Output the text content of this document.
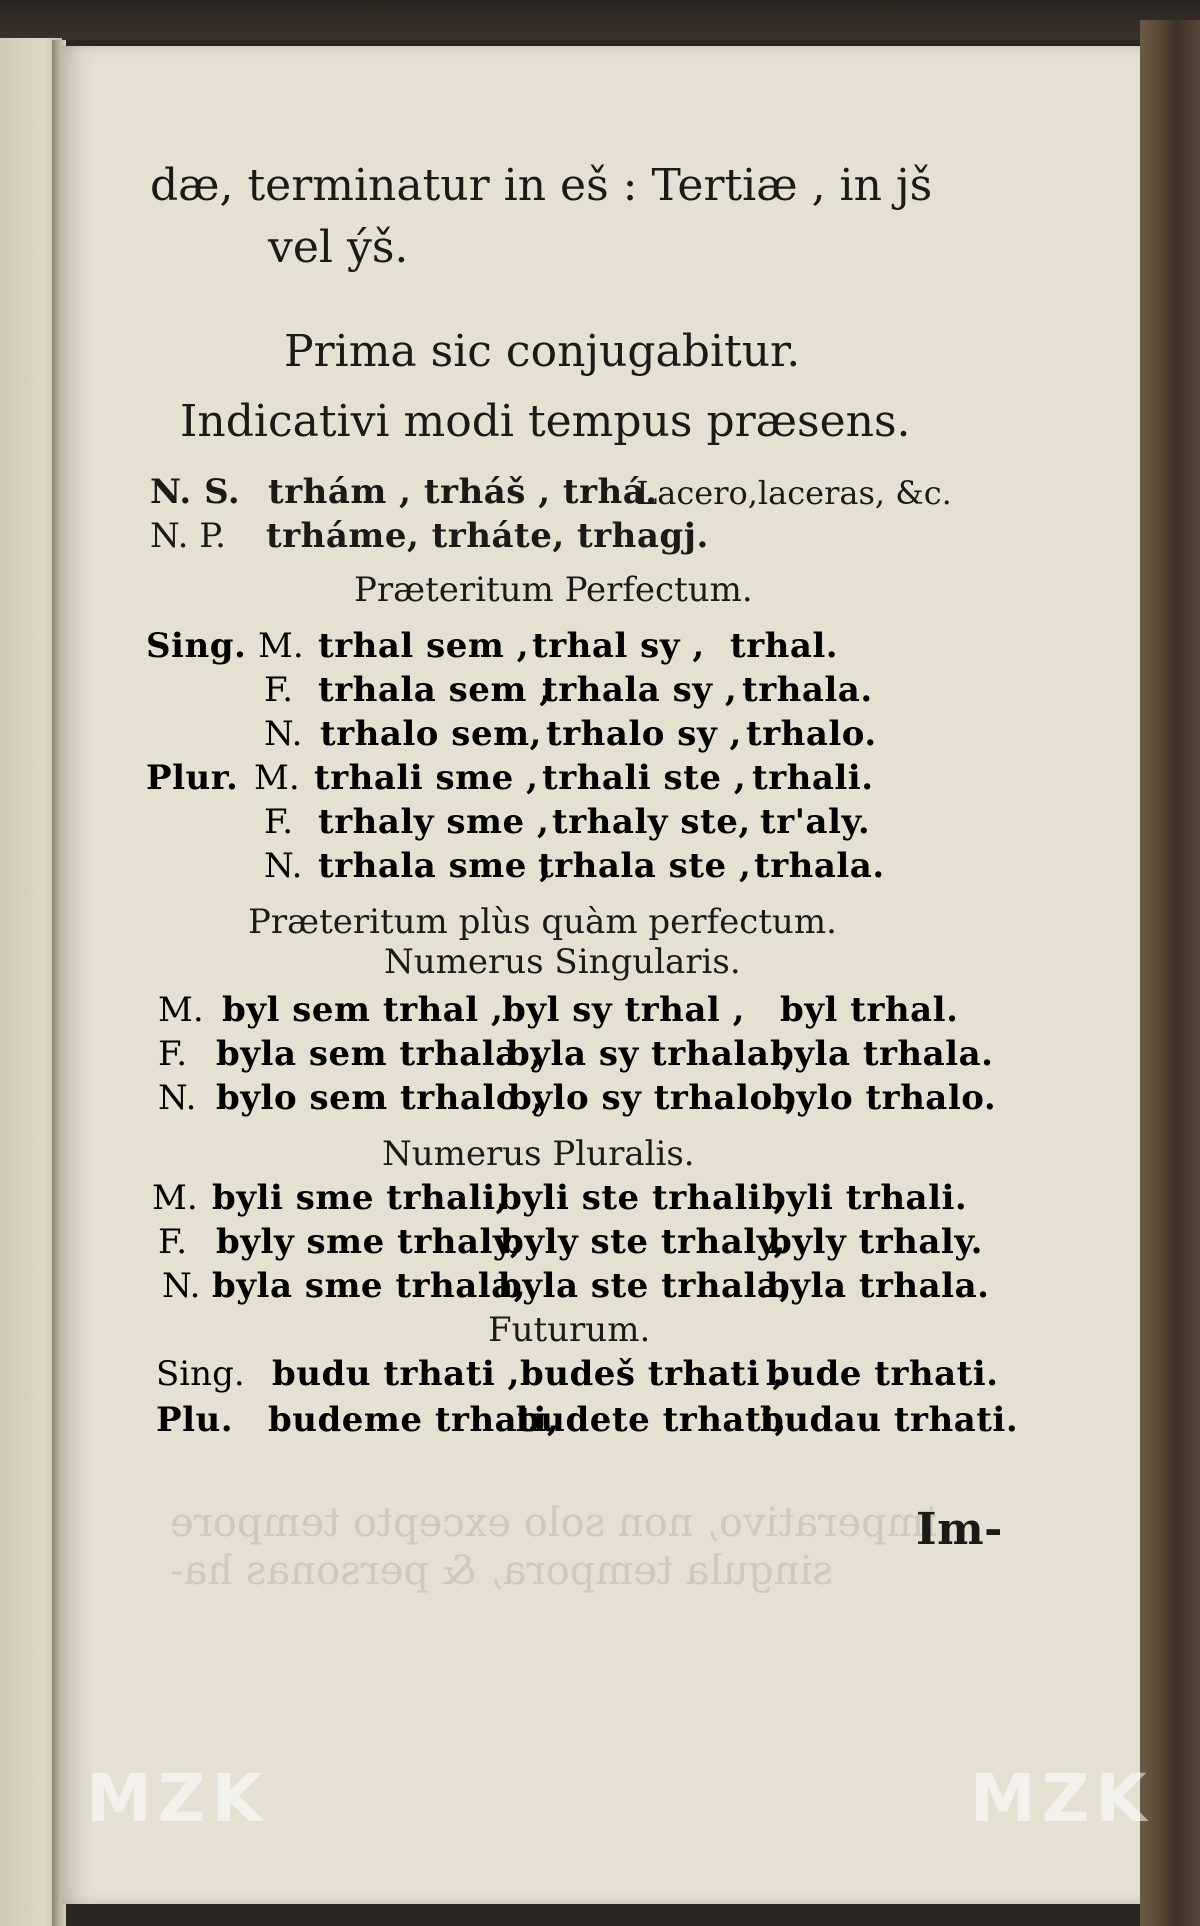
imperativo, non solo excepto tempore
singula tempora, & personas ha-
dæ, terminatur in eš : Tertiæ , in jš
vel ýš.
Prima sic conjugabitur.
Indicativi modi tempus præsens.
N. S. trhám , trháš , trhá.
Lacero,laceras, &c.
N. P. trháme, trháte, trhagj.
Præteritum Perfectum.
Sing. M. trhal sem , trhal sy , trhal.
F. trhala sem ,
trhala sy , trhala.
N. trhalo sem, trhalo sy , trhalo.
Plur. M. trhali sme , trhali ste , trhali.
F. trhaly sme , trhaly ste, tr'aly.
N. trhala sme ,
trhala ste , trhala.
Præteritum plùs quàm perfectum.
Numerus Singularis.
M. byl sem trhal ,
byl sy trhal , byl trhal.
F. byla sem trhala ,
byla sy trhala ,
byla trhala.
N. bylo sem trhalo ,
bylo sy trhalo ,
bylo trhalo.
Numerus Pluralis.
M. byli sme trhali,
byli ste trhali ,
byli trhali.
F. byly sme trhaly,
byly ste trhaly,
byly trhaly.
N. byla sme trhala,
byla ste trhala,
byla trhala.
Futurum.
Sing. budu trhati , budeš trhati ,
bude trhati.
Plu. budeme trhati,
budete trhati,
budau trhati.
Im-
MZK	MZK
